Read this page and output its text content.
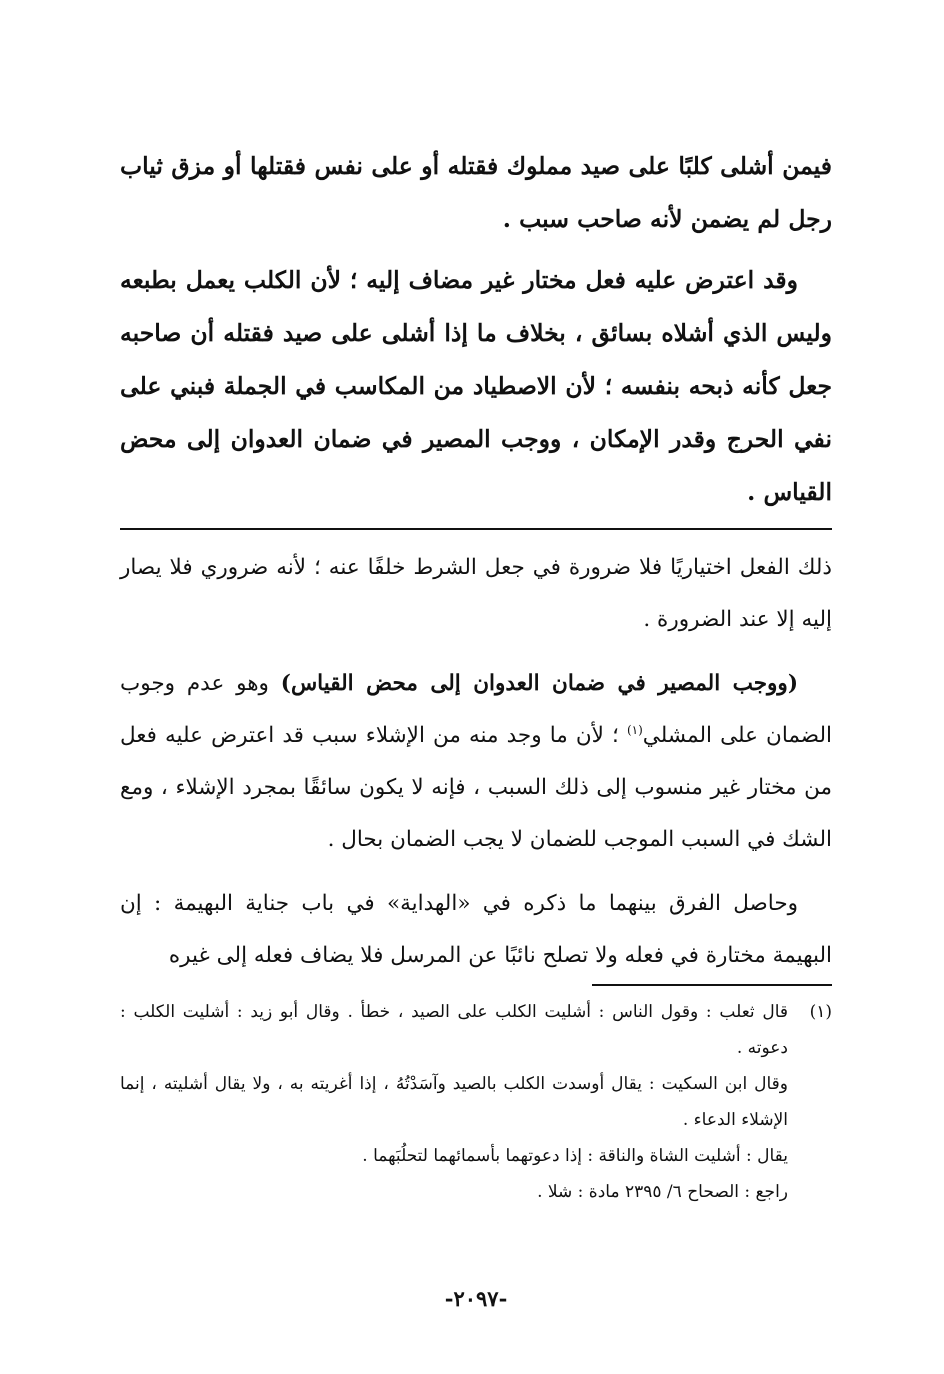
فيمن أشلى كلبًا على صيد مملوك فقتله أو على نفس فقتلها أو مزق ثياب رجل لم يضمن لأنه صاحب سبب .

وقد اعترض عليه فعل مختار غير مضاف إليه ؛ لأن الكلب يعمل بطبعه وليس الذي أشلاه بسائق ، بخلاف ما إذا أشلى على صيد فقتله أن صاحبه جعل كأنه ذبحه بنفسه ؛ لأن الاصطياد من المكاسب في الجملة فبني على نفي الحرج وقدر الإمكان ، ووجب المصير في ضمان العدوان إلى محض القياس .

ذلك الفعل اختياريًا فلا ضرورة في جعل الشرط خلفًا عنه ؛ لأنه ضروري فلا يصار إليه إلا عند الضرورة .

(ووجب المصير في ضمان العدوان إلى محض القياس) وهو عدم وجوب الضمان على المشلي$^{(١)}$ ؛ لأن ما وجد منه من الإشلاء سبب قد اعترض عليه فعل من مختار غير منسوب إلى ذلك السبب ، فإنه لا يكون سائقًا بمجرد الإشلاء ، ومع الشك في السبب الموجب للضمان لا يجب الضمان بحال .

وحاصل الفرق بينهما ما ذكره في «الهداية» في باب جناية البهيمة : إن البهيمة مختارة في فعله ولا تصلح نائبًا عن المرسل فلا يضاف فعله إلى غيره

(١)
قال ثعلب : وقول الناس : أشليت الكلب على الصيد ، خطأ . وقال أبو زيد : أشليت الكلب : دعوته .
وقال ابن السكيت : يقال أوسدت الكلب بالصيد وآسَدْتُهُ ، إذا أغريته به ، ولا يقال أشليته ، إنما الإشلاء الدعاء .
يقال : أشليت الشاة والناقة : إذا دعوتهما بأسمائهما لتحلُبَهما .
راجع : الصحاح ٦/ ٢٣٩٥ مادة : شلا .
-٢٠٩٧-
